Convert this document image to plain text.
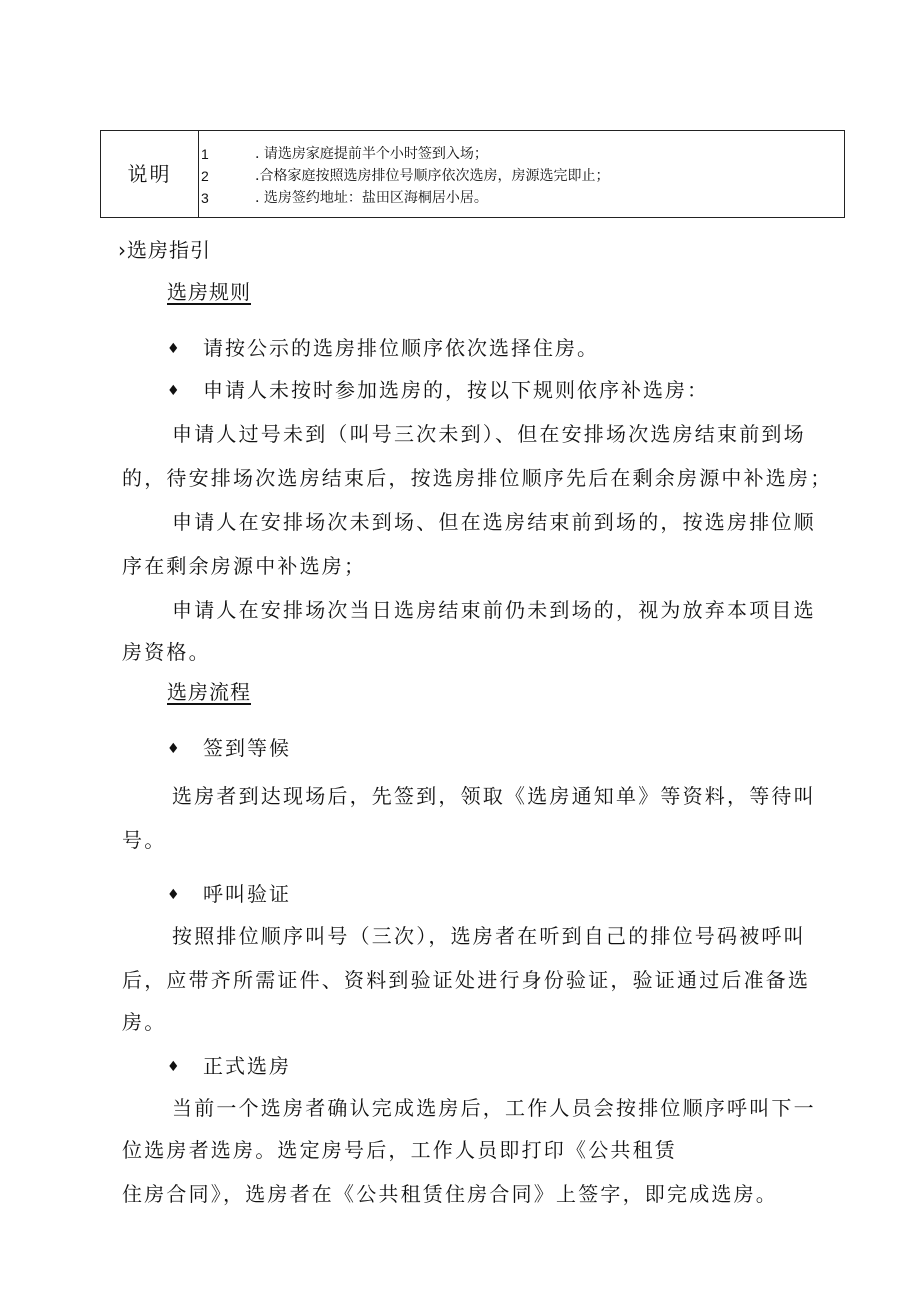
说明
1	. 请选房家庭提前半个小时签到入场；
2	.合格家庭按照选房排位号顺序依次选房，房源选完即止；
3	. 选房签约地址：盐田区海桐居小居。
›选房指引
选房规则
♦ 请按公示的选房排位顺序依次选择住房。
♦ 申请人未按时参加选房的，按以下规则依序补选房：
申请人过号未到（叫号三次未到）、但在安排场次选房结束前到场
的，待安排场次选房结束后，按选房排位顺序先后在剩余房源中补选房；
申请人在安排场次未到场、但在选房结束前到场的，按选房排位顺
序在剩余房源中补选房；
申请人在安排场次当日选房结束前仍未到场的，视为放弃本项目选
房资格。
选房流程
♦ 签到等候
选房者到达现场后，先签到，领取《选房通知单》等资料，等待叫
号。
♦ 呼叫验证
按照排位顺序叫号（三次），选房者在听到自己的排位号码被呼叫
后，应带齐所需证件、资料到验证处进行身份验证，验证通过后准备选
房。
♦ 正式选房
当前一个选房者确认完成选房后，工作人员会按排位顺序呼叫下一
位选房者选房。选定房号后，工作人员即打印《公共租赁
住房合同》，选房者在《公共租赁住房合同》上签字，即完成选房。
